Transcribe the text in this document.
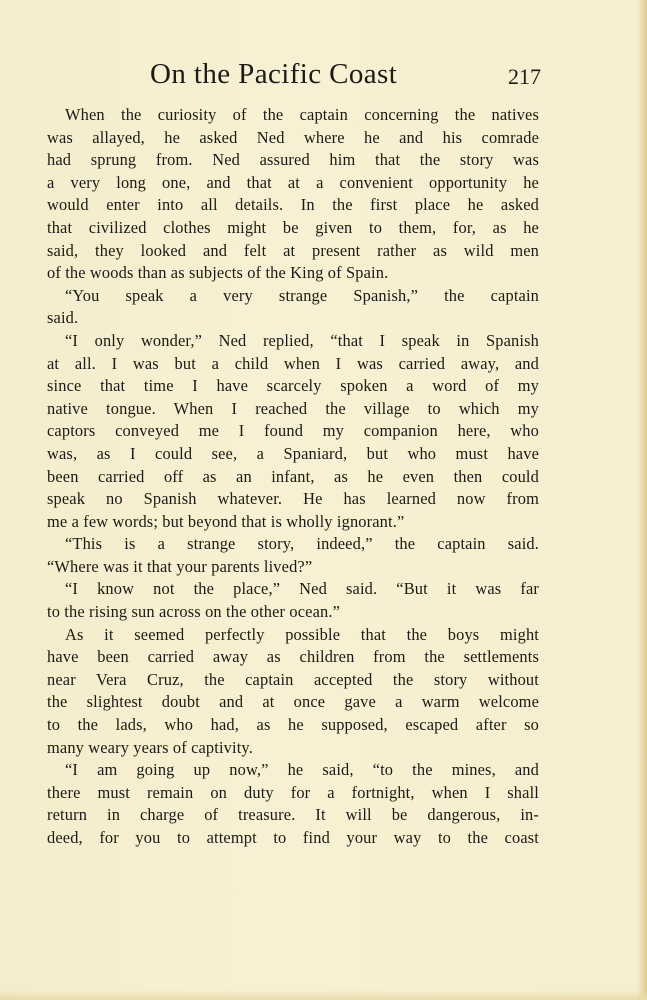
On the Pacific Coast	217
When the curiosity of the captain concerning the natives
was allayed, he asked Ned where he and his comrade
had sprung from. Ned assured him that the story was
a very long one, and that at a convenient opportunity he
would enter into all details. In the first place he asked
that civilized clothes might be given to them, for, as he
said, they looked and felt at present rather as wild men
of the woods than as subjects of the King of Spain.
“You speak a very strange Spanish,” the captain
said.
“I only wonder,” Ned replied, “that I speak in Spanish
at all. I was but a child when I was carried away, and
since that time I have scarcely spoken a word of my
native tongue. When I reached the village to which my
captors conveyed me I found my companion here, who
was, as I could see, a Spaniard, but who must have
been carried off as an infant, as he even then could
speak no Spanish whatever. He has learned now from
me a few words; but beyond that is wholly ignorant.”
“This is a strange story, indeed,” the captain said.
“Where was it that your parents lived?”
“I know not the place,” Ned said. “But it was far
to the rising sun across on the other ocean.”
As it seemed perfectly possible that the boys might
have been carried away as children from the settlements
near Vera Cruz, the captain accepted the story without
the slightest doubt and at once gave a warm welcome
to the lads, who had, as he supposed, escaped after so
many weary years of captivity.
“I am going up now,” he said, “to the mines, and
there must remain on duty for a fortnight, when I shall
return in charge of treasure. It will be dangerous, in-
deed, for you to attempt to find your way to the coast
